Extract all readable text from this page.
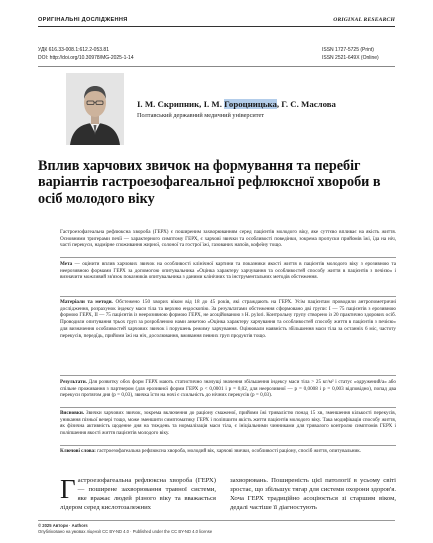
ОРИГІНАЛЬНІ ДОСЛІДЖЕННЯ	ORIGINAL RESEARCH
УДК 616.33-008.1:612.2-053.81
DOI: http://doi.org/10.30978/MG-2025-1-14
ISSN 1727-5725 (Print)
ISSN 2521-649X (Online)
І. М. Скрипник, І. М. Гороцницька, Г. С. Маслова
Полтавський державний медичний університет
Вплив харчових звичок на формування та перебіг варіантів гастроезофагеальної рефлюксної хвороби в осіб молодого віку
Гастроезофагеальна рефлюксна хвороба (ГЕРХ) є поширеним захворюванням серед пацієнтів молодого віку, яке суттєво впливає на якість життя. Основними тригерами печії — характерного симптому ГЕРХ, є харчові звички та особливості поведінки, зокрема пропуски прийомів їжі, їда на ніч, часті перекуси, надмірне споживання жирної, солоної та гострої їжі, газованих напоїв, кофеїну тощо.
Мета — оцінити вплив харчових звичок на особливості клінічної картини та показники якості життя в пацієнтів молодого віку з ерозивною та неерозивною формами ГЕРХ за допомогою опитувальника «Оцінка характеру харчування та особливостей способу життя в пацієнтів з печією» і визначити можливий зв'язок показників опитувальника з даними клінічних та інструментальних методів обстеження.
Матеріали та методи. Обстежено 150 хворих віком від 18 до 45 років, які страждають на ГЕРХ. Усім пацієнтам проводили антропометричні дослідження, розрахунок індексу маси тіла та верхню ендоскопію. За результатами обстеження сформовано дві групи: I — 75 пацієнтів з ерозивною формою ГЕРХ, II — 75 пацієнтів із неерозивною формою ГЕРХ, не асоційованою з H. pylori. Контрольну групу створено із 20 практично здорових осіб. Проводили опитування трьох груп за розробленою нами анкетою «Оцінка характеру харчування та особливостей способу життя в пацієнтів з печією» для визначення особливостей харчових звичок і порушень режиму харчування. Оцінювали наявність збільшення маси тіла за останніх 6 міс, частоту перекусів, передїдь, прийоми їжі на ніч, досолювання, вживання певних груп продуктів тощо.
Результати. Для розвитку обох форм ГЕРХ мають статистично значущі значення збільшення індексу маси тіла > 25 кг/м² і статус «одружений/а» або спільне проживання з партнером (для ерозивної форми ГЕРХ р < 0,0001 і р = 0,02, для неерозивної — р = 0,0008 і р = 0,003 відповідно), попад два перекуси протягом дня (р = 0,03), звичка їсти на ночі є схильність до нічних перекусів (р = 0,03).
Висновки. Звички харчових звичок, зокрема включення до раціону смаженої, прийоми їжі тривалістю понад 15 хв, зменшення кількості перекусів, уникання пізньої вечері тощо, може зменшити симптоматику ГЕРХ і поліпшити якість життя пацієнтів молодого віку. Така модифікація способу життя, як фізична активність щоденне дня на тиждень та нормалізація маси тіла, є ініціальними чинниками для тривалого контролю симптомів ГЕРХ і поліпшення якості життя пацієнтів молодого віку.
Ключові слова: гастроезофагеальна рефлюксна хвороба, молодий вік, харчові звички, особливості раціону, спосіб життя, опитувальник.
Гастроезофагеальна рефлюксна хвороба (ГЕРХ) — поширене захворювання травної системи, яке вражає людей різного віку та вважається лідером серед кислотозалежних
захворювань. Поширеність цієї патології в усьому світі зростає, що збільшує тягар для системи охорони здоров'я. Хоча ГЕРХ традиційно асоціюється зі старшим віком, дедалі частіше її діагностують
© 2025 Автори · Authors
Опубліковано на умовах ліцензії CC BY-ND 4.0 · Published under the CC BY-ND 4.0 license
